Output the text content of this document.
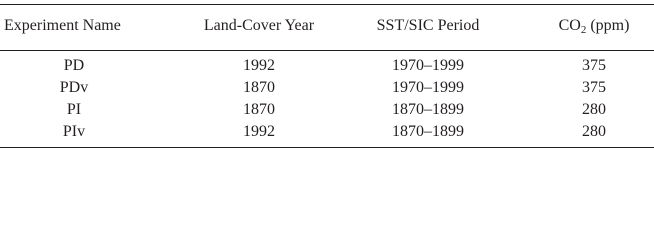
Experiment Name	Land-Cover Year	SST/SIC Period	$CO_2$ (ppm)
PD	1992	1970–1999	375
PDv	1870	1970–1999	375
PI	1870	1870–1899	280
PIv	1992	1870–1899	280
